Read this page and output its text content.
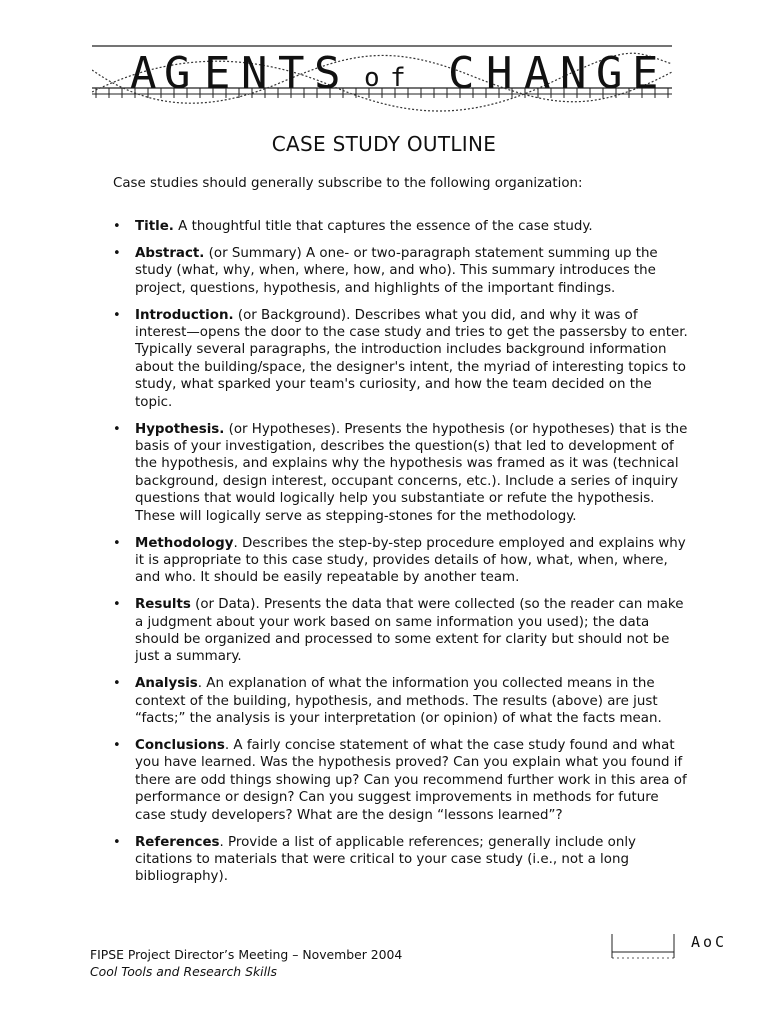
A G E N T S o f C H A N G E
CASE STUDY OUTLINE
Case studies should generally subscribe to the following organization:
• Title. A thoughtful title that captures the essence of the case study.
• Abstract. (or Summary) A one- or two-paragraph statement summing up the study (what, why, when, where, how, and who). This summary introduces the project, questions, hypothesis, and highlights of the important findings.
• Introduction. (or Background). Describes what you did, and why it was of interest—opens the door to the case study and tries to get the passersby to enter. Typically several paragraphs, the introduction includes background information about the building/space, the designer's intent, the myriad of interesting topics to study, what sparked your team's curiosity, and how the team decided on the topic.
• Hypothesis. (or Hypotheses). Presents the hypothesis (or hypotheses) that is the basis of your investigation, describes the question(s) that led to development of the hypothesis, and explains why the hypothesis was framed as it was (technical background, design interest, occupant concerns, etc.). Include a series of inquiry questions that would logically help you substantiate or refute the hypothesis. These will logically serve as stepping-stones for the methodology.
• Methodology. Describes the step-by-step procedure employed and explains why it is appropriate to this case study, provides details of how, what, when, where, and who. It should be easily repeatable by another team.
• Results (or Data). Presents the data that were collected (so the reader can make a judgment about your work based on same information you used); the data should be organized and processed to some extent for clarity but should not be just a summary.
• Analysis. An explanation of what the information you collected means in the context of the building, hypothesis, and methods. The results (above) are just “facts;” the analysis is your interpretation (or opinion) of what the facts mean.
• Conclusions. A fairly concise statement of what the case study found and what you have learned. Was the hypothesis proved? Can you explain what you found if there are odd things showing up? Can you recommend further work in this area of performance or design? Can you suggest improvements in methods for future case study developers? What are the design “lessons learned”?
• References. Provide a list of applicable references; generally include only citations to materials that were critical to your case study (i.e., not a long bibliography).
FIPSE Project Director’s Meeting – November 2004
Cool Tools and Research Skills
AoC
